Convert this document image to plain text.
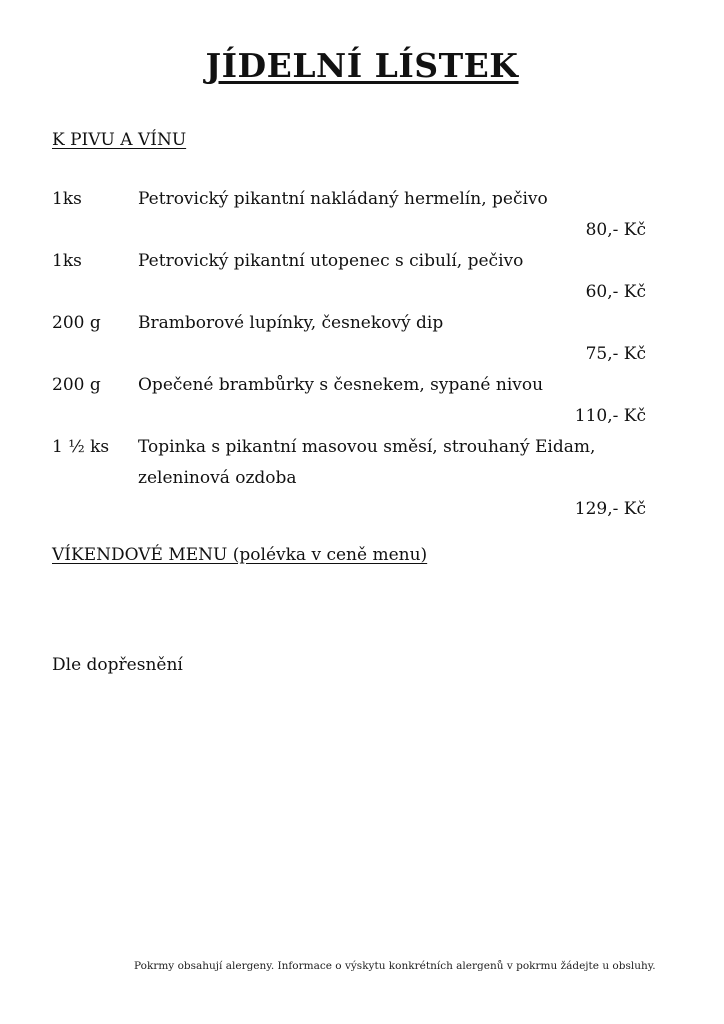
JÍDELNÍ LÍSTEK
K PIVU A VÍNU
1ks	Petrovický pikantní nakládaný hermelín, pečivo
80,- Kč
1ks	Petrovický pikantní utopenec s cibulí, pečivo
60,- Kč
200 g	Bramborové lupínky, česnekový dip
75,- Kč
200 g	Opečené brambůrky s česnekem, sypané nivou
110,- Kč
1 ½ ks	Topinka s pikantní masovou směsí, strouhaný Eidam, zeleninová ozdoba
129,- Kč
VÍKENDOVÉ MENU (polévka v ceně menu)
Dle dopřesnění
Pokrmy obsahují alergeny. Informace o výskytu konkrétních alergenů v pokrmu žádejte u obsluhy.
